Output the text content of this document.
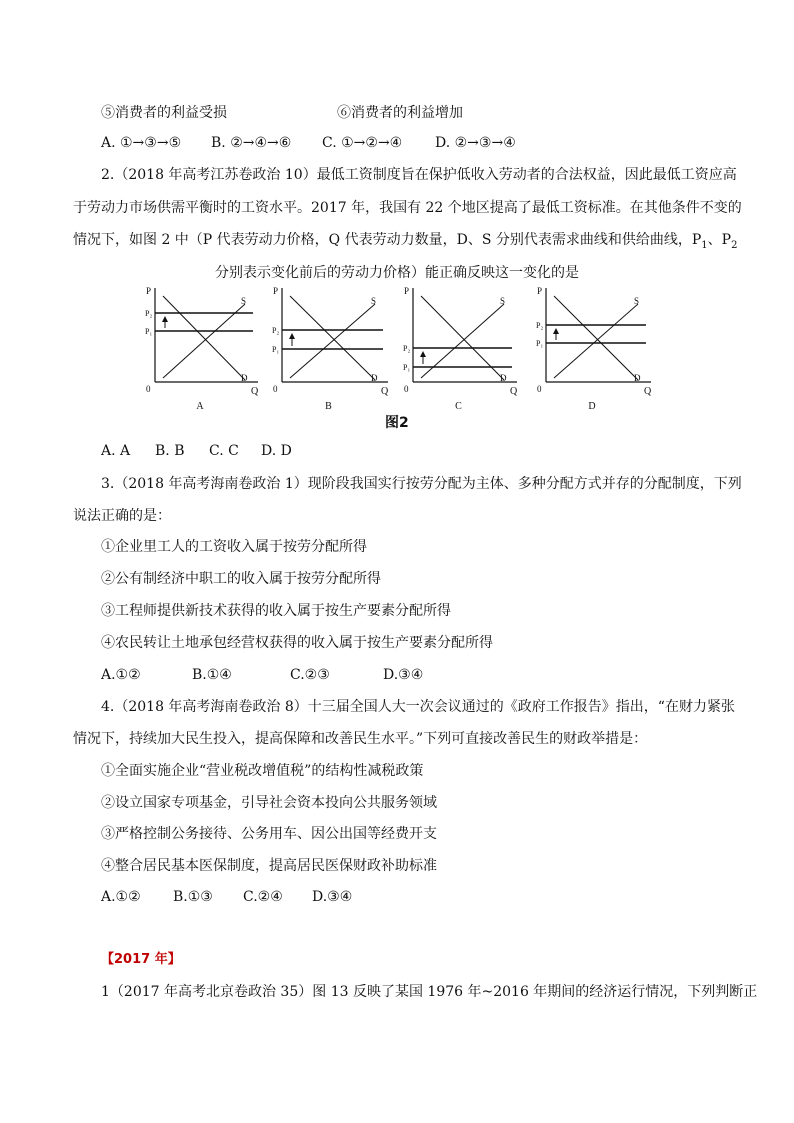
⑤消费者的利益受损	⑥消费者的利益增加
A. ①→③→⑤ B. ②→④→⑥ C. ①→②→④ D. ②→③→④
2.（2018 年高考江苏卷政治 10）最低工资制度旨在保护低收入劳动者的合法权益，因此最低工资应高
于劳动力市场供需平衡时的工资水平。2017 年，我国有 22 个地区提高了最低工资标准。在其他条件不变的
情况下，如图 2 中（P 代表劳动力价格，Q 代表劳动力数量，D、S 分别代表需求曲线和供给曲线，$P_1$、$P_2$
分别表示变化前后的劳动力价格）能正确反映这一变化的是
P
P₂
P₁
0	Q
S
D
A
P
P₂
P₁
0	Q
S
D
B
P
P₂
P₁
0	Q
S
D
C
P
P₂
P₁
0	Q
S
D
D
图2
A. A B. B C. C D. D
3.（2018 年高考海南卷政治 1）现阶段我国实行按劳分配为主体、多种分配方式并存的分配制度，下列
说法正确的是：
①企业里工人的工资收入属于按劳分配所得
②公有制经济中职工的收入属于按劳分配所得
③工程师提供新技术获得的收入属于按生产要素分配所得
④农民转让土地承包经营权获得的收入属于按生产要素分配所得
A.①②	B.①④	C.②③	D.③④
4.（2018 年高考海南卷政治 8）十三届全国人大一次会议通过的《政府工作报告》指出，“在财力紧张
情况下，持续加大民生投入，提高保障和改善民生水平。”下列可直接改善民生的财政举措是：
①全面实施企业“营业税改增值税”的结构性减税政策
②设立国家专项基金，引导社会资本投向公共服务领域
③严格控制公务接待、公务用车、因公出国等经费开支
④整合居民基本医保制度，提高居民医保财政补助标准
A.①② B.①③ C.②④ D.③④
【2017 年】
1（2017 年高考北京卷政治 35）图 13 反映了某国 1976 年~2016 年期间的经济运行情况，下列判断正
